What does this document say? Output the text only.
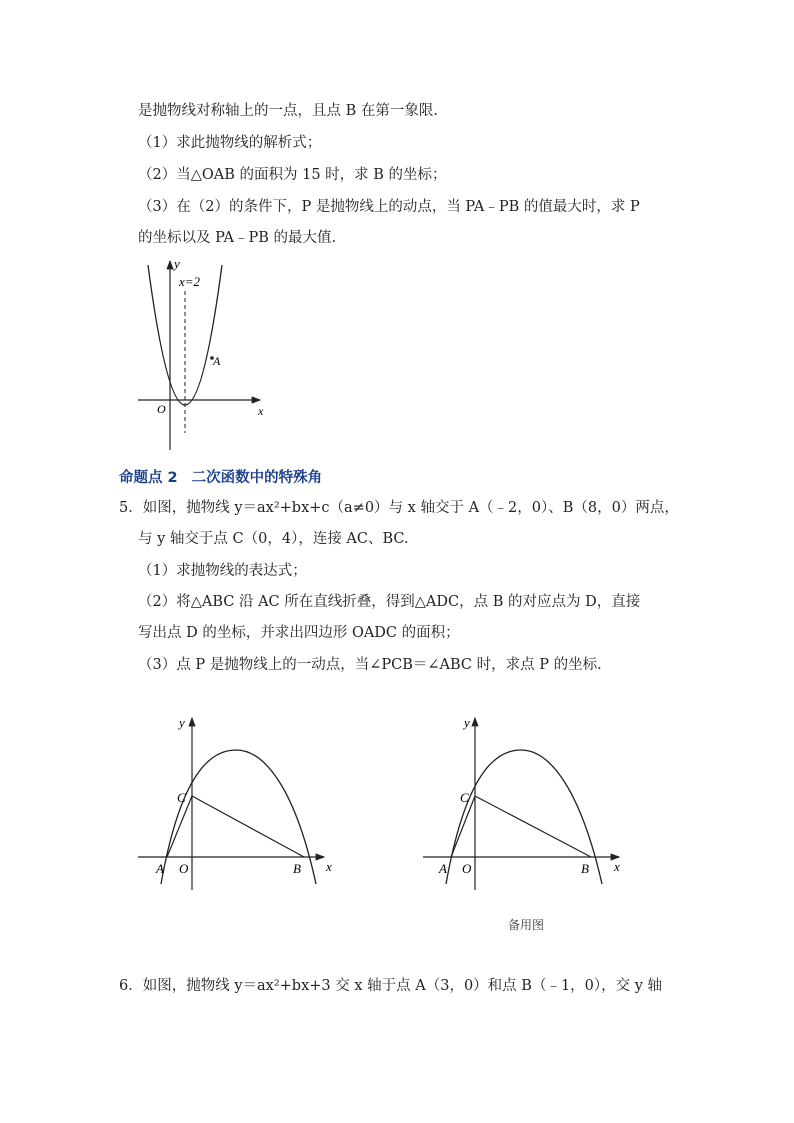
是抛物线对称轴上的一点，且点 B 在第一象限.
（1）求此抛物线的解析式；
（2）当△OAB 的面积为 15 时，求 B 的坐标；
（3）在（2）的条件下，P 是抛物线上的动点，当 PA﹣PB 的值最大时，求 P
的坐标以及 PA﹣PB 的最大值.
y
x=2
A
O	x
命题点 2 二次函数中的特殊角
5．如图，抛物线 y＝ax²+bx+c（a≠0）与 x 轴交于 A（﹣2，0）、B（8，0）两点，
与 y 轴交于点 C（0，4），连接 AC、BC.
（1）求抛物线的表达式；
（2）将△ABC 沿 AC 所在直线折叠，得到△ADC，点 B 的对应点为 D，直接
写出点 D 的坐标，并求出四边形 OADC 的面积；
（3）点 P 是抛物线上的一动点，当∠PCB＝∠ABC 时，求点 P 的坐标.
y
C
A O	B x
y
C
A O	B x
备用图
6．如图，抛物线 y＝ax²+bx+3 交 x 轴于点 A（3，0）和点 B（﹣1，0），交 y 轴
